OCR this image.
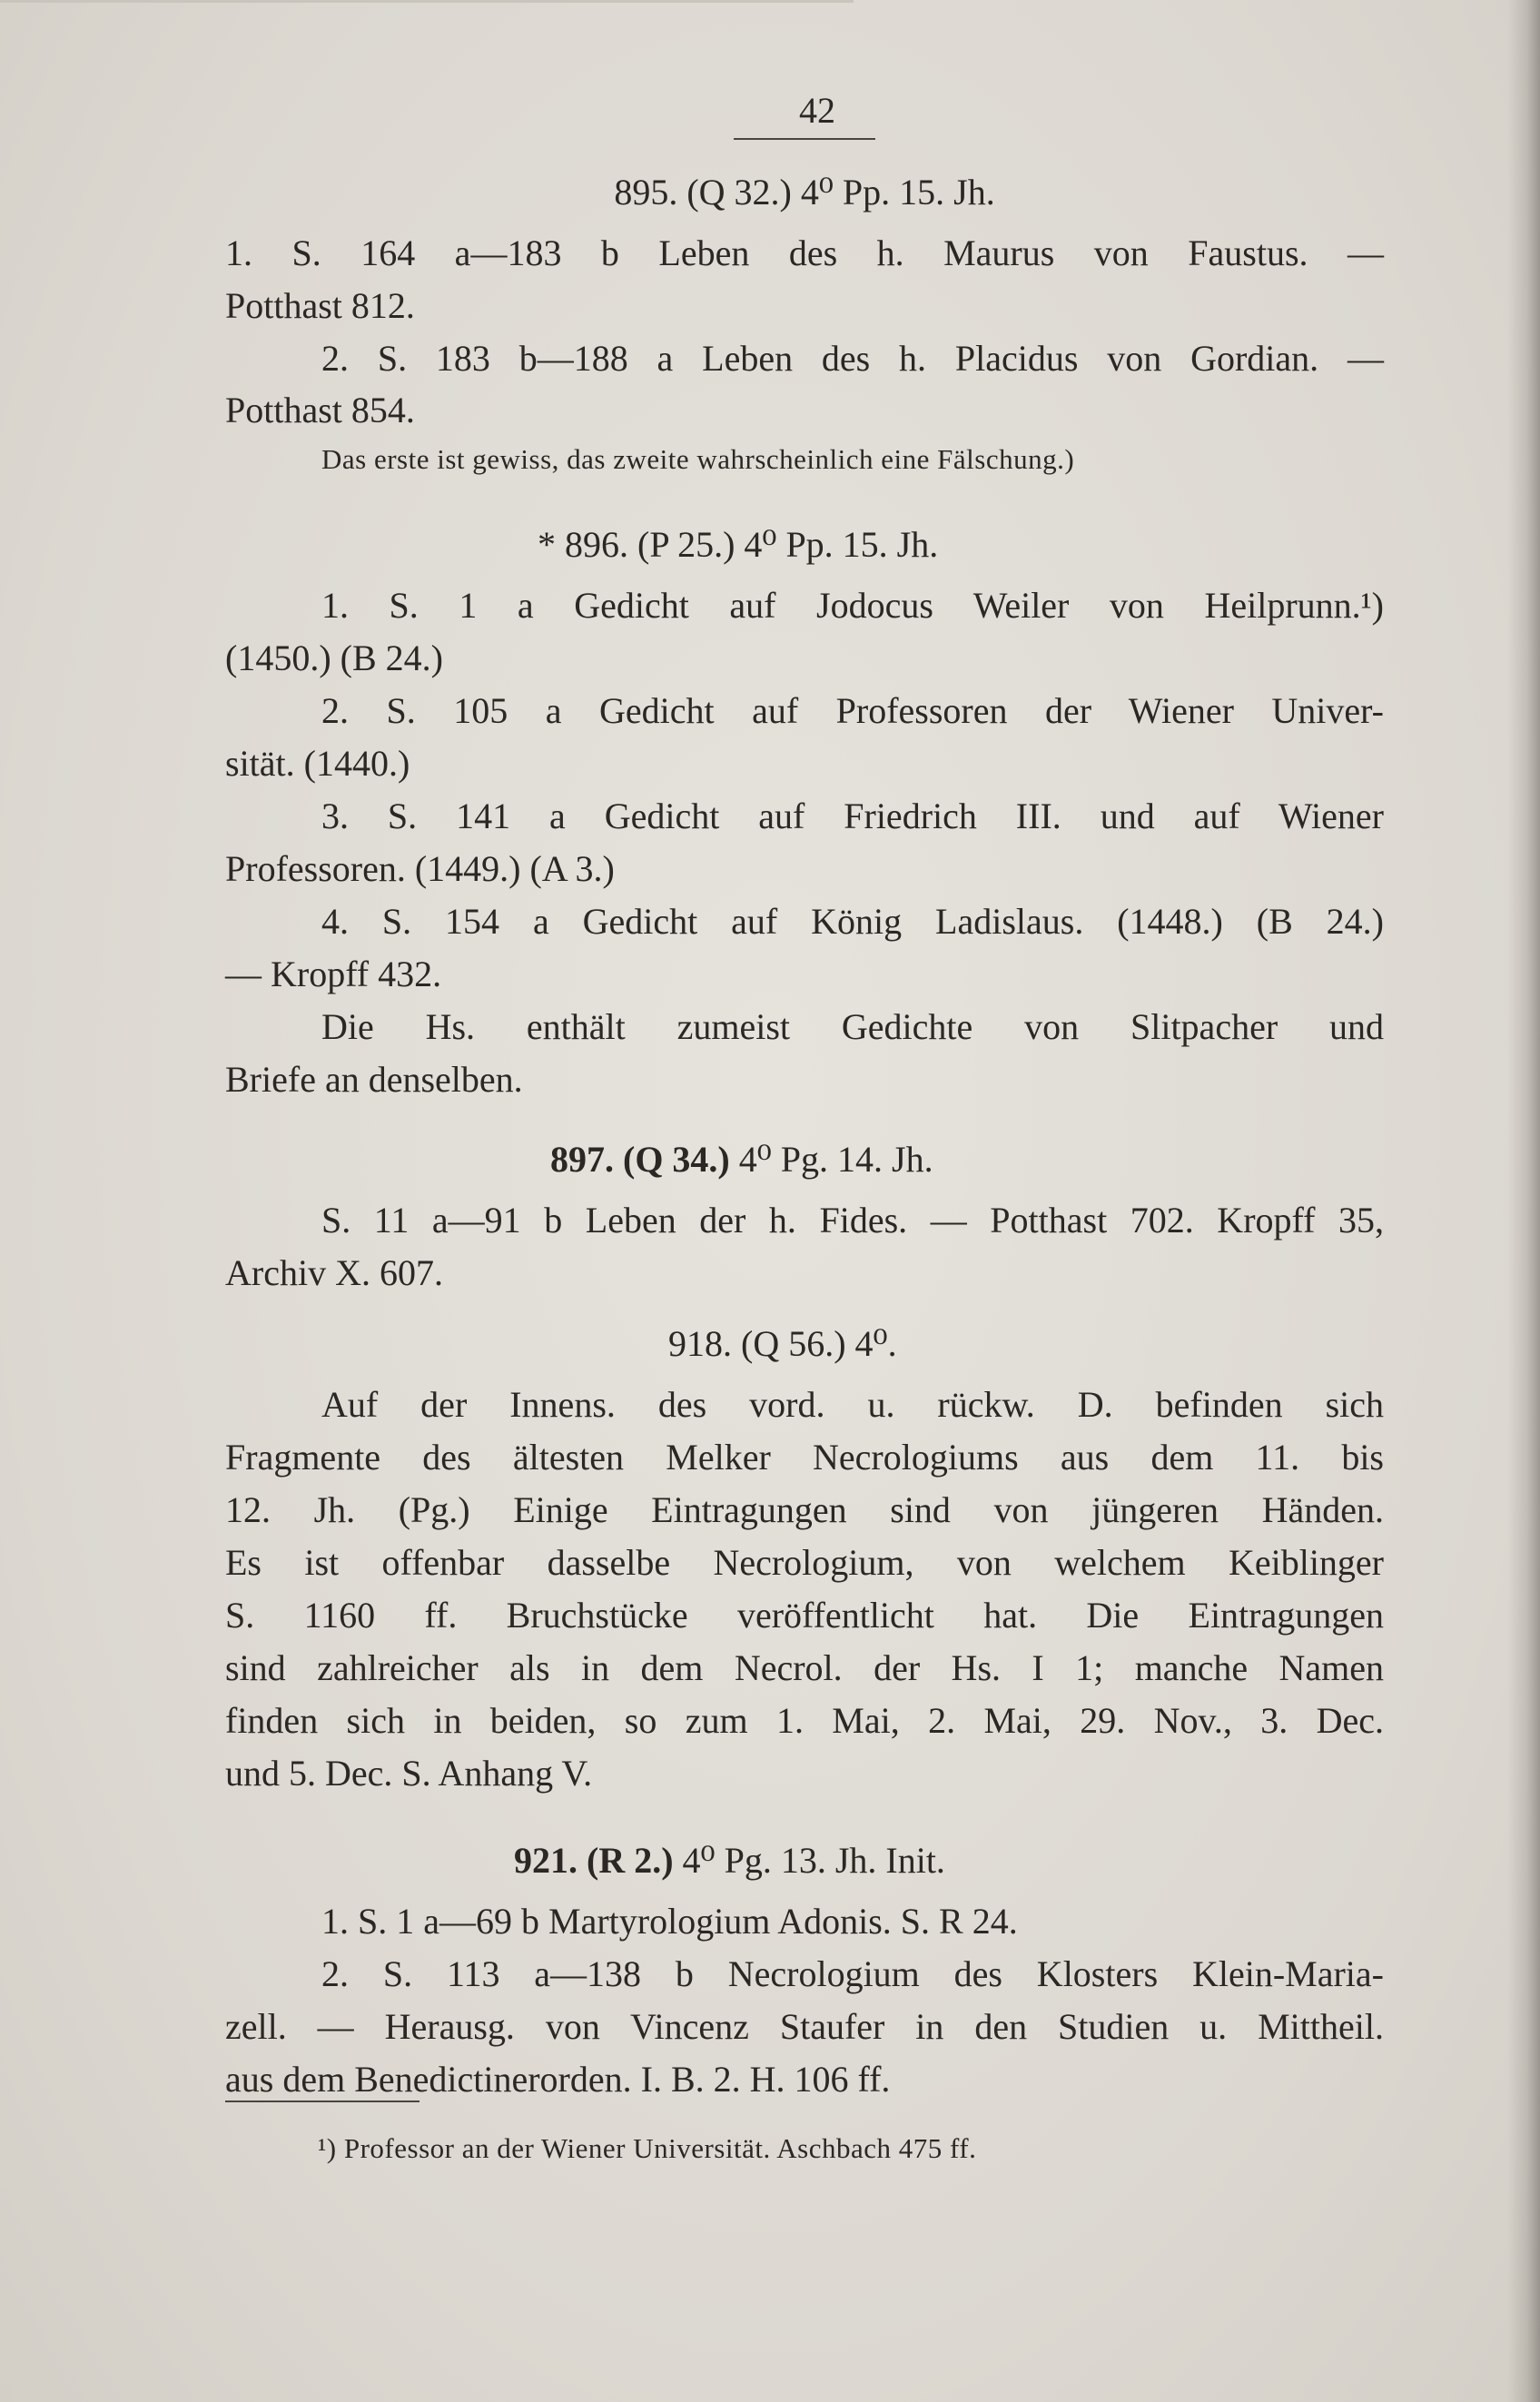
42
895. (Q 32.) 4⁰ Pp. 15. Jh.
1. S. 164 a—183 b Leben des h. Maurus von Faustus. —
Potthast 812.
2. S. 183 b—188 a Leben des h. Placidus von Gordian. —
Potthast 854.
Das erste ist gewiss, das zweite wahrscheinlich eine Fälschung.)
* 896. (P 25.) 4⁰ Pp. 15. Jh.
1. S. 1 a Gedicht auf Jodocus Weiler von Heilprunn.¹)
(1450.) (B 24.)
2. S. 105 a Gedicht auf Professoren der Wiener Univer-
sität. (1440.)
3. S. 141 a Gedicht auf Friedrich III. und auf Wiener
Professoren. (1449.) (A 3.)
4. S. 154 a Gedicht auf König Ladislaus. (1448.) (B 24.)
— Kropff 432.
Die Hs. enthält zumeist Gedichte von Slitpacher und
Briefe an denselben.
897. (Q 34.) 4⁰ Pg. 14. Jh.
S. 11 a—91 b Leben der h. Fides. — Potthast 702. Kropff 35,
Archiv X. 607.
918. (Q 56.) 4⁰.
Auf der Innens. des vord. u. rückw. D. befinden sich
Fragmente des ältesten Melker Necrologiums aus dem 11. bis
12. Jh. (Pg.) Einige Eintragungen sind von jüngeren Händen.
Es ist offenbar dasselbe Necrologium, von welchem Keiblinger
S. 1160 ff. Bruchstücke veröffentlicht hat. Die Eintragungen
sind zahlreicher als in dem Necrol. der Hs. I 1; manche Namen
finden sich in beiden, so zum 1. Mai, 2. Mai, 29. Nov., 3. Dec.
und 5. Dec. S. Anhang V.
921. (R 2.) 4⁰ Pg. 13. Jh. Init.
1. S. 1 a—69 b Martyrologium Adonis. S. R 24.
2. S. 113 a—138 b Necrologium des Klosters Klein-Maria-
zell. — Herausg. von Vincenz Staufer in den Studien u. Mittheil.
aus dem Benedictinerorden. I. B. 2. H. 106 ff.
¹) Professor an der Wiener Universität. Aschbach 475 ff.
